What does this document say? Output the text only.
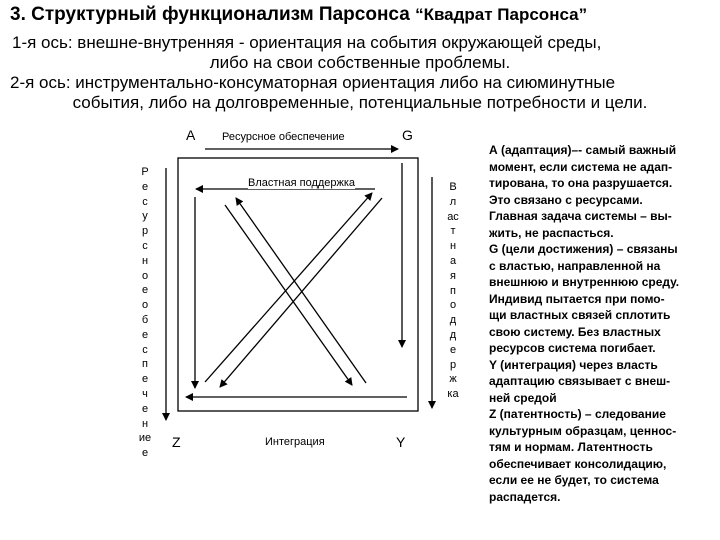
3. Структурный функционализм Парсонса “Квадрат Парсонса”
1-я ось: внешне-внутренняя - ориентация на события окружающей среды,
либо на свои собственные проблемы.
2-я ось: инструментально-консуматорная ориентация либо на сиюминутные
события, либо на долговременные, потенциальные потребности и цели.
A	G
Z	Y
Ресурсное обеспечение
Властная поддержка
Интеграция
Р
е
с
у
р
с
н
о
е
о
б
е
с
п
е
ч
е
н
ие
е
В
л
ас
т
н
а
я
п
о
д
д
е
р
ж
ка
А (адаптация)–- самый важный
момент, если система не адап-
тирована, то она разрушается.
Это связано с ресурсами.
Главная задача системы – вы-
жить, не распасться.
G (цели достижения) – связаны
с властью, направленной на
внешнюю и внутреннюю среду.
Индивид пытается при помо-
щи властных связей сплотить
свою систему. Без властных
ресурсов система погибает.
Y (интеграция) через власть
адаптацию связывает с внеш-
ней средой
Z (патентность) – следование
культурным образцам, ценнос-
тям и нормам. Латентность
обеспечивает консолидацию,
если ее не будет, то система
распадется.
